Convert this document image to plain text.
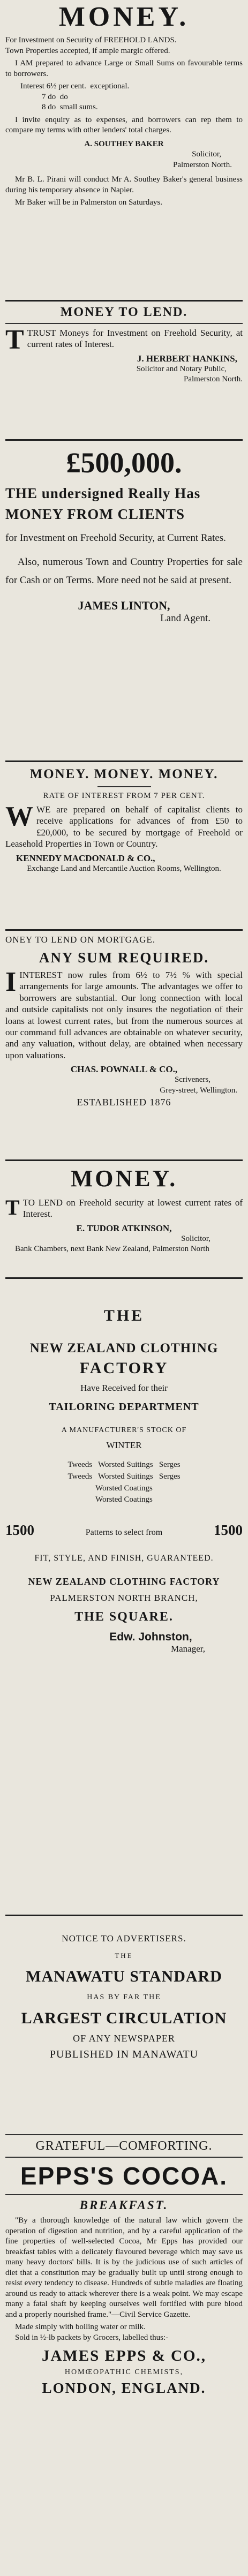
MONEY.

For Investment on Security of FREEHOLD LANDS.

Town Properties accepted, if ample margic offered.

I AM prepared to advance Large or Small Sums on favourable terms to borrowers.

Interest 6½ per cent. exceptional.
7 do do
8 do small sums.

I invite enquiry as to expenses, and borrowers can rep them to compare my terms with other lenders' total charges.

A. SOUTHEY BAKER
Solicitor,
Palmerston North.

Mr B. L. Pirani will conduct Mr A. Southey Baker's general business during his temporary absence in Napier.

Mr Baker will be in Palmerston on Saturdays.

MONEY TO LEND.

TTRUST Moneys for Investment on Freehold Security, at current rates of Interest.

J. HERBERT HANKINS,
Solicitor and Notary Public,
Palmerston North.
£500,000.
THE undersigned Really Has
MONEY FROM CLIENTS

for Investment on Freehold Security, at Current Rates.

Also, numerous Town and Country Properties for sale for Cash or on Terms. More need not be said at present.

JAMES LINTON,
Land Agent.
MONEY. MONEY. MONEY.
RATE OF INTEREST FROM 7 PER CENT.

WWE are prepared on behalf of capitalist clients to receive applications for advances of from £50 to £20,000, to be secured by mortgage of Freehold or Leasehold Properties in Town or Country.

KENNEDY MACDONALD & CO.,
Exchange Land and Mercantile Auction Rooms, Wellington.
ONEY TO LEND ON MORTGAGE.
ANY SUM REQUIRED.

IINTEREST now rules from 6½ to 7½ % with special arrangements for large amounts. The advantages we offer to borrowers are substantial. Our long connection with local and outside capitalists not only insures the negotiation of their loans at lowest current rates, but from the numerous sources at our command full advances are obtainable on whatever security, and any valuation, without delay, are obtained when necessary upon valuations.

CHAS. POWNALL & CO.,
Scriveners,
Grey-street, Wellington.
ESTABLISHED 1876
MONEY.

TTO LEND on Freehold security at lowest current rates of Interest.

E. TUDOR ATKINSON,
Solicitor,

Bank Chambers, next Bank New Zealand, Palmerston North

THE
NEW ZEALAND CLOTHING
FACTORY
Have Received for their
TAILORING DEPARTMENT
A MANUFACTURER'S STOCK OF
WINTER
Tweeds Worsted Suitings Serges
Tweeds Worsted Suitings Serges
Worsted Coatings
Worsted Coatings
1500	Patterns to select from	1500
FIT, STYLE, AND FINISH, GUARANTEED.
NEW ZEALAND CLOTHING FACTORY
PALMERSTON NORTH BRANCH,
THE SQUARE.
Edw. Johnston,
Manager,
NOTICE TO ADVERTISERS.
THE
MANAWATU STANDARD
HAS BY FAR THE
LARGEST CIRCULATION
OF ANY NEWSPAPER
PUBLISHED IN MANAWATU
GRATEFUL—COMFORTING.
EPPS'S COCOA.
BREAKFAST.

"By a thorough knowledge of the natural law which govern the operation of digestion and nutrition, and by a careful application of the fine properties of well-selected Cocoa, Mr Epps has provided our breakfast tables with a delicately flavoured beverage which may save us many heavy doctors' bills. It is by the judicious use of such articles of diet that a constitution may be gradually built up until strong enough to resist every tendency to disease. Hundreds of subtle maladies are floating around us ready to attack wherever there is a weak point. We may escape many a fatal shaft by keeping ourselves well fortified with pure blood and a properly nourished frame."—Civil Service Gazette.

Made simply with boiling water or milk.

Sold in ½-lb packets by Grocers, labelled thus:-

JAMES EPPS & CO.,
HOMŒOPATHIC CHEMISTS,
LONDON, ENGLAND.
